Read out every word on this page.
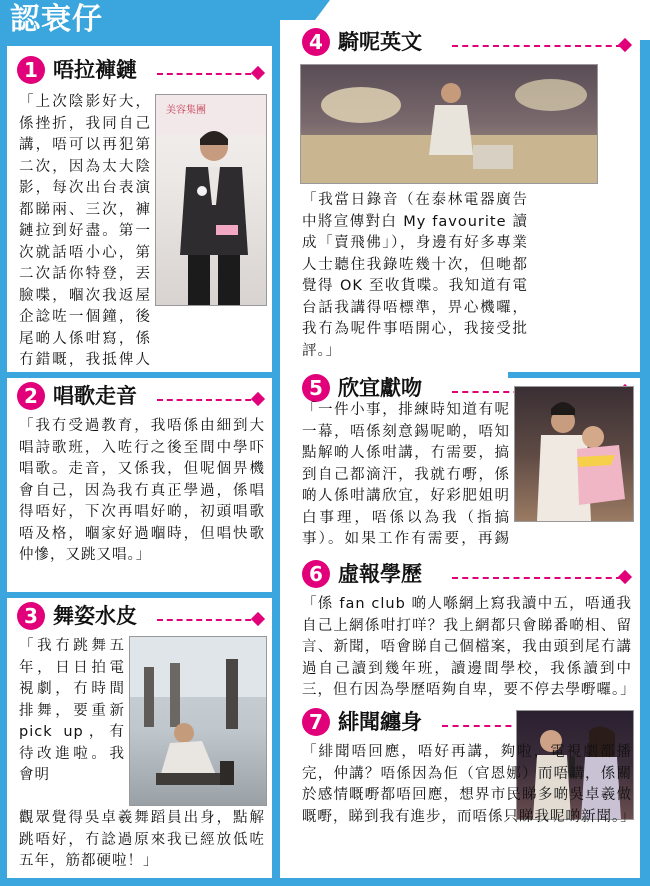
認衰仔
1 唔拉褲鏈
美容集團
「上次陰影好大，係挫折，我同自己講，唔可以再犯第二次，因為太大陰影，每次出台表演都睇兩、三次，褲鏈拉到好盡。第一次就話唔小心，第二次話你特登，丟臉喋，嗰次我返屋企諗咗一個鐘，後尾啲人係咁寫，係冇錯嘅，我抵俾人
2 唱歌走音
「我冇受過教育，我唔係由細到大唱詩歌班，入咗行之後至間中學吓唱歌。走音，又係我，但呢個畀機會自己，因為我冇真正學過，係唱得唔好，下次再唱好啲，初頭唱歌唔及格，嗰家好過嗰時，但唱快歌仲慘，又跳又唱。」
3 舞姿水皮
「我冇跳舞五年，日日拍電視劇，冇時間排舞，要重新 pick up，有待改進啦。我會明
觀眾覺得吳卓羲舞蹈員出身，點解跳唔好，冇諗過原來我已經放低咗五年，筋都硬啦！」
4 騎呢英文
「我當日錄音（在泰林電器廣告中將宣傳對白 My favourite 讀成「賣飛佛」），身邊有好多專業人士聽住我錄咗幾十次，但哋都覺得 OK 至收貨喋。我知道有電台話我講得唔標準，畀心機囉，我冇為呢件事唔開心，我接受批評。」
5 欣宜獻吻
「一件小事，排練時知道有呢一幕，唔係刻意錫呢啲，唔知點解啲人係咁講，冇需要，搞到自己都滴汗，我就冇嘢，係啲人係咁講欣宜，好彩肥姐明白事理，唔係以為我（指搞事）。如果工作有需要，再錫
6 虛報學歷
「係 fan club 啲人喺網上寫我讀中五，唔通我自己上網係咁打咩？我上網都只會睇番啲相、留言、新聞，唔會睇自己個檔案，我由頭到尾冇講過自己讀到幾年班，讀邊間學校，我係讀到中三，但冇因為學歷唔夠自卑，要不停去學嘢囉。」
7 緋聞纏身
「緋聞唔回應，唔好再講，夠啦，電視劇都播完，仲講？唔係因為佢（官恩娜）而唔講，係關於感情嘅嘢都唔回應，想界市民睇多啲吳卓羲做嘅嘢，睇到我有進步，而唔係只睇我呢啲新聞。」
